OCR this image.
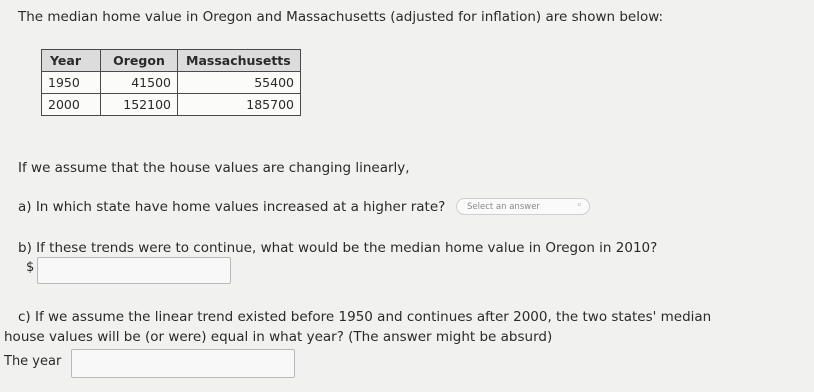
The median home value in Oregon and Massachusetts (adjusted for inflation) are shown below:
Year	Oregon	Massachusetts
1950	41500	55400
2000	152100	185700
If we assume that the house values are changing linearly,
a) In which state have home values increased at a higher rate?	Select an answer	◦
b) If these trends were to continue, what would be the median home value in Oregon in 2010?
$
c) If we assume the linear trend existed before 1950 and continues after 2000, the two states' median
house values will be (or were) equal in what year? (The answer might be absurd)
The year
